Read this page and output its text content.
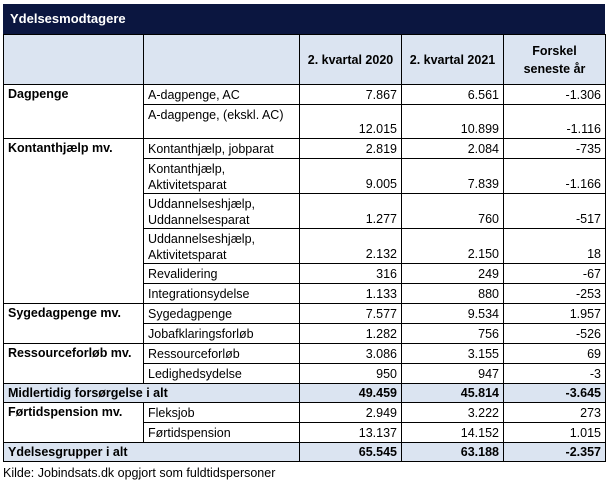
Ydelsesmodtagere
		2. kvartal 2020	2. kvartal 2021	Forskel seneste år
Dagpenge	A-dagpenge, AC	7.867	6.561	-1.306
	A-dagpenge, (ekskl. AC)	12.015	10.899	-1.116
Kontanthjælp mv.	Kontanthjælp, jobparat	2.819	2.084	-735
	Kontanthjælp, Aktivitetsparat	9.005	7.839	-1.166
	Uddannelseshjælp, Uddannelsesparat	1.277	760	-517
	Uddannelseshjælp, Aktivitetsparat	2.132	2.150	18
	Revalidering	316	249	-67
	Integrationsydelse	1.133	880	-253
Sygedagpenge mv.	Sygedagpenge	7.577	9.534	1.957
	Jobafklaringsforløb	1.282	756	-526
Ressourceforløb mv.	Ressourceforløb	3.086	3.155	69
	Ledighedsydelse	950	947	-3
Midlertidig forsørgelse i alt		49.459	45.814	-3.645
Førtidspension mv.	Fleksjob	2.949	3.222	273
	Førtidspension	13.137	14.152	1.015
Ydelsesgrupper i alt		65.545	63.188	-2.357
Kilde: Jobindsats.dk opgjort som fuldtidspersoner
